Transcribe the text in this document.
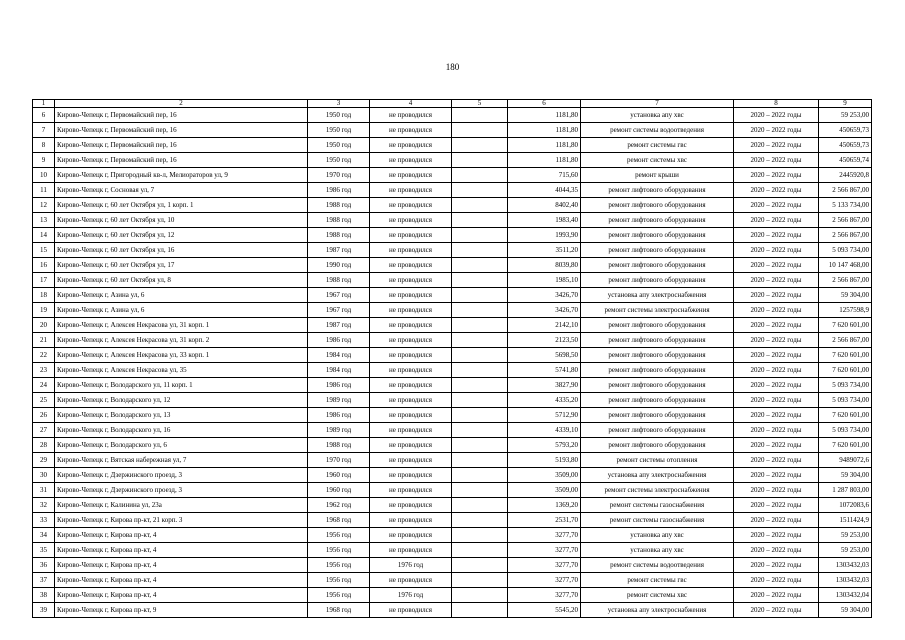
180
1	2	3	4	5	6	7	8	9
6	Кирово-Чепецк г, Первомайский пер, 16	1950 год	не проводился		1181,80	установка апу хвс	2020 – 2022 годы	59 253,00
7	Кирово-Чепецк г, Первомайский пер, 16	1950 год	не проводился		1181,80	ремонт системы водоотведения	2020 – 2022 годы	450659,73
8	Кирово-Чепецк г, Первомайский пер, 16	1950 год	не проводился		1181,80	ремонт системы гвс	2020 – 2022 годы	450659,73
9	Кирово-Чепецк г, Первомайский пер, 16	1950 год	не проводился		1181,80	ремонт системы хвс	2020 – 2022 годы	450659,74
10	Кирово-Чепецк г, Пригородный кв-л, Мелиораторов ул, 9	1970 год	не проводился		715,60	ремонт крыши	2020 – 2022 годы	2445920,8
11	Кирово-Чепецк г, Сосновая ул, 7	1986 год	не проводился		4044,35	ремонт лифтового оборудования	2020 – 2022 годы	2 566 867,00
12	Кирово-Чепецк г, 60 лет Октября ул, 1 корп. 1	1988 год	не проводился		8402,40	ремонт лифтового оборудования	2020 – 2022 годы	5 133 734,00
13	Кирово-Чепецк г, 60 лет Октября ул, 10	1988 год	не проводился		1983,40	ремонт лифтового оборудования	2020 – 2022 годы	2 566 867,00
14	Кирово-Чепецк г, 60 лет Октября ул, 12	1988 год	не проводился		1993,90	ремонт лифтового оборудования	2020 – 2022 годы	2 566 867,00
15	Кирово-Чепецк г, 60 лет Октября ул, 16	1987 год	не проводился		3511,20	ремонт лифтового оборудования	2020 – 2022 годы	5 093 734,00
16	Кирово-Чепецк г, 60 лет Октября ул, 17	1990 год	не проводился		8039,80	ремонт лифтового оборудования	2020 – 2022 годы	10 147 468,00
17	Кирово-Чепецк г, 60 лет Октября ул, 8	1988 год	не проводился		1985,10	ремонт лифтового оборудования	2020 – 2022 годы	2 566 867,00
18	Кирово-Чепецк г, Азина ул, 6	1967 год	не проводился		3426,70	установка апу электроснабжения	2020 – 2022 годы	59 304,00
19	Кирово-Чепецк г, Азина ул, 6	1967 год	не проводился		3426,70	ремонт системы электроснабжения	2020 – 2022 годы	1257598,9
20	Кирово-Чепецк г, Алексея Некрасова ул, 31 корп. 1	1987 год	не проводился		2142,10	ремонт лифтового оборудования	2020 – 2022 годы	7 620 601,00
21	Кирово-Чепецк г, Алексея Некрасова ул, 31 корп. 2	1986 год	не проводился		2123,50	ремонт лифтового оборудования	2020 – 2022 годы	2 566 867,00
22	Кирово-Чепецк г, Алексея Некрасова ул, 33 корп. 1	1984 год	не проводился		5698,50	ремонт лифтового оборудования	2020 – 2022 годы	7 620 601,00
23	Кирово-Чепецк г, Алексея Некрасова ул, 35	1984 год	не проводился		5741,80	ремонт лифтового оборудования	2020 – 2022 годы	7 620 601,00
24	Кирово-Чепецк г, Володарского ул, 11 корп. 1	1986 год	не проводился		3827,90	ремонт лифтового оборудования	2020 – 2022 годы	5 093 734,00
25	Кирово-Чепецк г, Володарского ул, 12	1989 год	не проводился		4335,20	ремонт лифтового оборудования	2020 – 2022 годы	5 093 734,00
26	Кирово-Чепецк г, Володарского ул, 13	1986 год	не проводился		5712,90	ремонт лифтового оборудования	2020 – 2022 годы	7 620 601,00
27	Кирово-Чепецк г, Володарского ул, 16	1989 год	не проводился		4339,10	ремонт лифтового оборудования	2020 – 2022 годы	5 093 734,00
28	Кирово-Чепецк г, Володарского ул, 6	1988 год	не проводился		5793,20	ремонт лифтового оборудования	2020 – 2022 годы	7 620 601,00
29	Кирово-Чепецк г, Вятская набережная ул, 7	1970 год	не проводился		5193,80	ремонт системы отопления	2020 – 2022 годы	9489072,6
30	Кирово-Чепецк г, Дзержинского проезд, 3	1960 год	не проводился		3509,00	установка апу электроснабжения	2020 – 2022 годы	59 304,00
31	Кирово-Чепецк г, Дзержинского проезд, 3	1960 год	не проводился		3509,00	ремонт системы электроснабжения	2020 – 2022 годы	1 287 803,00
32	Кирово-Чепецк г, Калинина ул, 23а	1962 год	не проводился		1369,20	ремонт системы газоснабжения	2020 – 2022 годы	1072083,6
33	Кирово-Чепецк г, Кирова пр-кт, 21 корп. 3	1968 год	не проводился		2531,70	ремонт системы газоснабжения	2020 – 2022 годы	1511424,9
34	Кирово-Чепецк г, Кирова пр-кт, 4	1956 год	не проводился		3277,70	установка апу хвс	2020 – 2022 годы	59 253,00
35	Кирово-Чепецк г, Кирова пр-кт, 4	1956 год	не проводился		3277,70	установка апу хвс	2020 – 2022 годы	59 253,00
36	Кирово-Чепецк г, Кирова пр-кт, 4	1956 год	1976 год		3277,70	ремонт системы водоотведения	2020 – 2022 годы	1303432,03
37	Кирово-Чепецк г, Кирова пр-кт, 4	1956 год	не проводился		3277,70	ремонт системы гвс	2020 – 2022 годы	1303432,03
38	Кирово-Чепецк г, Кирова пр-кт, 4	1956 год	1976 год		3277,70	ремонт системы хвс	2020 – 2022 годы	1303432,04
39	Кирово-Чепецк г, Кирова пр-кт, 9	1968 год	не проводился		5545,20	установка апу электроснабжения	2020 – 2022 годы	59 304,00
